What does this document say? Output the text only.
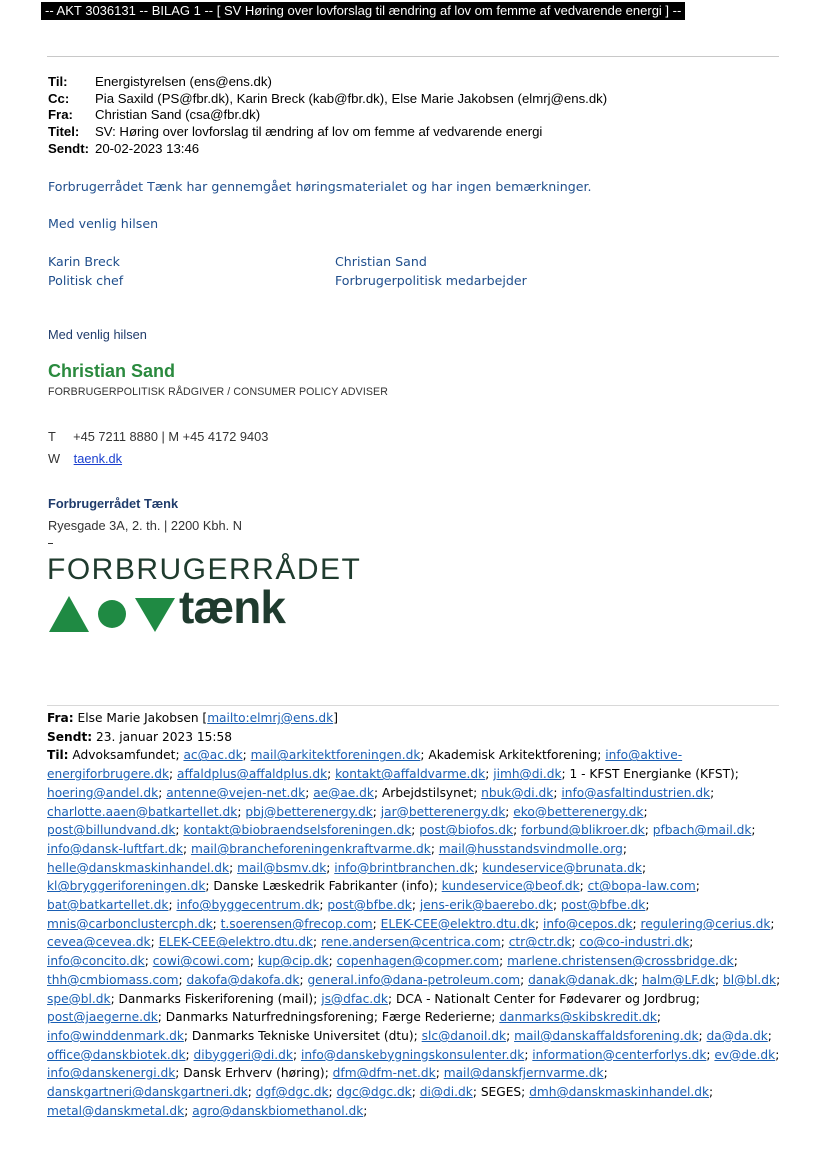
-- AKT 3036131 -- BILAG 1 -- [ SV Høring over lovforslag til ændring af lov om femme af vedvarende energi ] --
Til: Energistyrelsen (ens@ens.dk)
Cc: Pia Saxild (PS@fbr.dk), Karin Breck (kab@fbr.dk), Else Marie Jakobsen (elmrj@ens.dk)
Fra: Christian Sand (csa@fbr.dk)
Titel: SV: Høring over lovforslag til ændring af lov om femme af vedvarende energi
Sendt: 20-02-2023 13:46
Forbrugerrådet Tænk har gennemgået høringsmaterialet og har ingen bemærkninger.
Med venlig hilsen
Karin Breck
Politisk chef
Christian Sand
Forbrugerpolitisk medarbejder
Med venlig hilsen
Christian Sand
FORBRUGERPOLITISK RÅDGIVER / CONSUMER POLICY ADVISER
T +45 7211 8880 | M +45 4172 9403
W taenk.dk
Forbrugerrådet Tænk
Ryesgade 3A, 2. th. | 2200 Kbh. N
FORBRUGERRÅDET
tænk
Fra: Else Marie Jakobsen [mailto:elmrj@ens.dk]
Sendt: 23. januar 2023 15:58
Til: Advoksamfundet; ac@ac.dk; mail@arkitektforeningen.dk; Akademisk Arkitektforening; info@aktive-energiforbrugere.dk; affaldplus@affaldplus.dk; kontakt@affaldvarme.dk; jimh@di.dk; 1 - KFST Energianke (KFST); hoering@andel.dk; antenne@vejen-net.dk; ae@ae.dk; Arbejdstilsynet; nbuk@di.dk; info@asfaltindustrien.dk; charlotte.aaen@batkartellet.dk; pbj@betterenergy.dk; jar@betterenergy.dk; eko@betterenergy.dk; post@billundvand.dk; kontakt@biobraendselsforeningen.dk; post@biofos.dk; forbund@blikroer.dk; pfbach@mail.dk; info@dansk-luftfart.dk; mail@brancheforeningenkraftvarme.dk; mail@husstandsvindmolle.org; helle@danskmaskinhandel.dk; mail@bsmv.dk; info@brintbranchen.dk; kundeservice@brunata.dk; kl@bryggeriforeningen.dk; Danske Læskedrik Fabrikanter (info); kundeservice@beof.dk; ct@bopa-law.com; bat@batkartellet.dk; info@byggecentrum.dk; post@bfbe.dk; jens-erik@baerebo.dk; post@bfbe.dk; mnis@carbonclustercph.dk; t.soerensen@frecop.com; ELEK-CEE@elektro.dtu.dk; info@cepos.dk; regulering@cerius.dk; cevea@cevea.dk; ELEK-CEE@elektro.dtu.dk; rene.andersen@centrica.com; ctr@ctr.dk; co@co-industri.dk; info@concito.dk; cowi@cowi.com; kup@cip.dk; copenhagen@copmer.com; marlene.christensen@crossbridge.dk; thh@cmbiomass.com; dakofa@dakofa.dk; general.info@dana-petroleum.com; danak@danak.dk; halm@LF.dk; bl@bl.dk; spe@bl.dk; Danmarks Fiskeriforening (mail); js@dfac.dk; DCA - Nationalt Center for Fødevarer og Jordbrug; post@jaegerne.dk; Danmarks Naturfredningsforening; Færge Rederierne; danmarks@skibskredit.dk; info@winddenmark.dk; Danmarks Tekniske Universitet (dtu); slc@danoil.dk; mail@danskaffaldsforening.dk; da@da.dk; office@danskbiotek.dk; dibyggeri@di.dk; info@danskebygningskonsulenter.dk; information@centerforlys.dk; ev@de.dk; info@danskenergi.dk; Dansk Erhverv (høring); dfm@dfm-net.dk; mail@danskfjernvarme.dk; danskgartneri@danskgartneri.dk; dgf@dgc.dk; dgc@dgc.dk; di@di.dk; SEGES; dmh@danskmaskinhandel.dk; metal@danskmetal.dk; agro@danskbiomethanol.dk;
